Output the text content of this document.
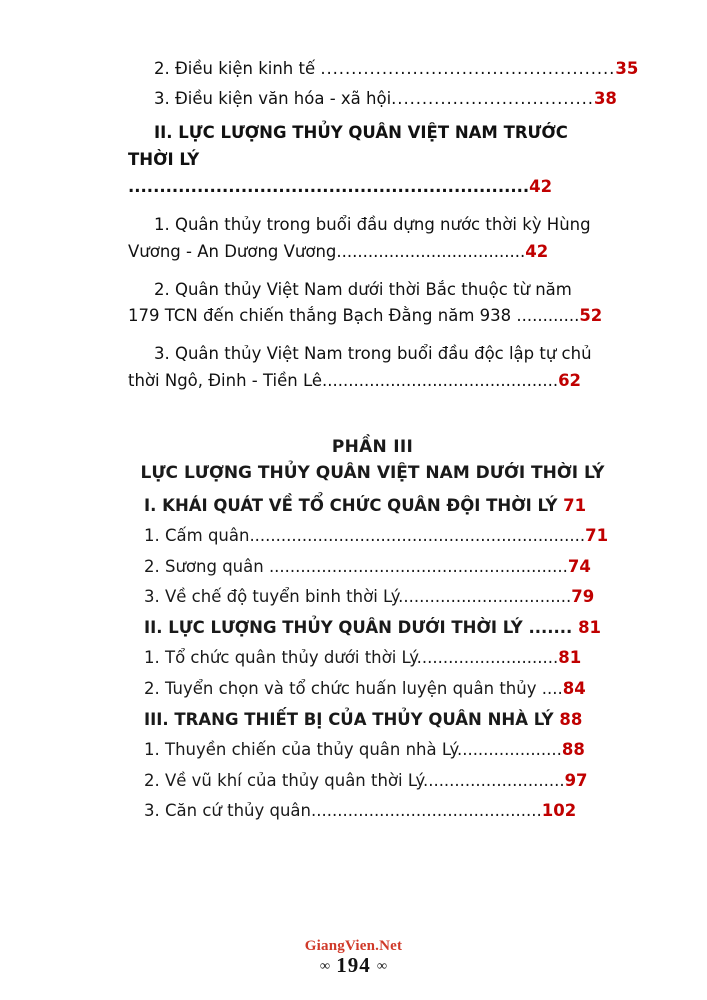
2. Điều kiện kinh tế ................................................35
3. Điều kiện văn hóa - xã hội.................................38
II. LỰC LƯỢNG THỦY QUÂN VIỆT NAM TRƯỚC
THỜI LÝ ................................................................42
1. Quân thủy trong buổi đầu dựng nước thời kỳ Hùng
Vương - An Dương Vương....................................42
2. Quân thủy Việt Nam dưới thời Bắc thuộc từ năm
179 TCN đến chiến thắng Bạch Đằng năm 938 ............52
3. Quân thủy Việt Nam trong buổi đầu độc lập tự chủ
thời Ngô, Đinh - Tiền Lê.............................................62
PHẦN III
LỰC LƯỢNG THỦY QUÂN VIỆT NAM DƯỚI THỜI LÝ
I. KHÁI QUÁT VỀ TỔ CHỨC QUÂN ĐỘI THỜI LÝ 71
1. Cấm quân................................................................71
2. Sương quân .........................................................74
3. Về chế độ tuyển binh thời Lý.................................79
II. LỰC LƯỢNG THỦY QUÂN DƯỚI THỜI LÝ ....... 81
1. Tổ chức quân thủy dưới thời Lý...........................81
2. Tuyển chọn và tổ chức huấn luyện quân thủy ....84
III. TRANG THIẾT BỊ CỦA THỦY QUÂN NHÀ LÝ 88
1. Thuyền chiến của thủy quân nhà Lý....................88
2. Về vũ khí của thủy quân thời Lý...........................97
3. Căn cứ thủy quân............................................102
GiangVien.Net
∞ 194 ∞
